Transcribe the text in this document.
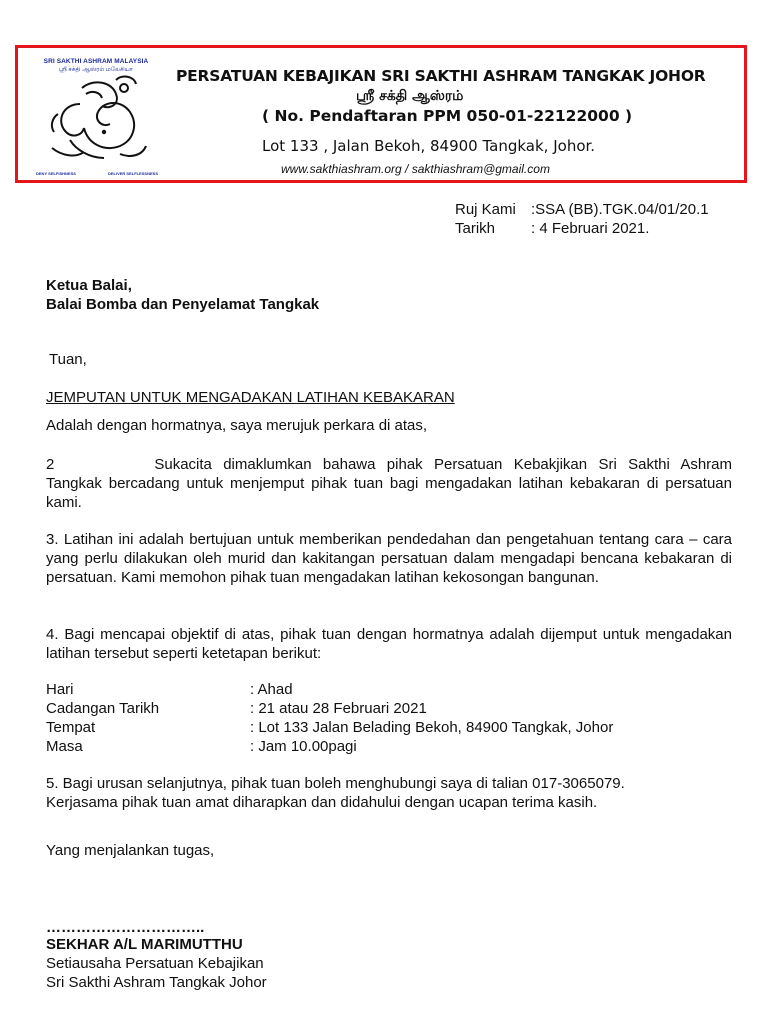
SRI SAKTHI ASHRAM MALAYSIA
ஸ்ரீ சக்தி ஆஸ்ரம் மலேசியா
DENY SELFISHNESS	DELIVER SELFLESSNESS
PERSATUAN KEBAJIKAN SRI SAKTHI ASHRAM TANGKAK JOHOR
ஸ்ரீ சக்தி ஆஸ்ரம்
( No. Pendaftaran PPM 050-01-22122000 )
Lot 133 , Jalan Bekoh, 84900 Tangkak, Johor.
www.sakthiashram.org / sakthiashram@gmail.com
Ruj Kami :SSA (BB).TGK.04/01/20.1
Tarikh : 4 Februari 2021.
Ketua Balai,
Balai Bomba dan Penyelamat Tangkak
Tuan,
JEMPUTAN UNTUK MENGADAKAN LATIHAN KEBAKARAN
Adalah dengan hormatnya, saya merujuk perkara di atas,
2	Sukacita dimaklumkan bahawa pihak Persatuan Kebakjikan Sri Sakthi Ashram Tangkak bercadang untuk menjemput pihak tuan bagi mengadakan latihan kebakaran di persatuan kami.
3. Latihan ini adalah bertujuan untuk memberikan pendedahan dan pengetahuan tentang cara – cara yang perlu dilakukan oleh murid dan kakitangan persatuan dalam mengadapi bencana kebakaran di persatuan. Kami memohon pihak tuan mengadakan latihan kekosongan bangunan.
4. Bagi mencapai objektif di atas, pihak tuan dengan hormatnya adalah dijemput untuk mengadakan latihan tersebut seperti ketetapan berikut:
Hari	: Ahad
Cadangan Tarikh	: 21 atau 28 Februari 2021
Tempat	: Lot 133 Jalan Belading Bekoh, 84900 Tangkak, Johor
Masa	: Jam 10.00pagi
5. Bagi urusan selanjutnya, pihak tuan boleh menghubungi saya di talian 017-3065079.
Kerjasama pihak tuan amat diharapkan dan didahului dengan ucapan terima kasih.
Yang menjalankan tugas,
…………………………..
SEKHAR A/L MARIMUTTHU
Setiausaha Persatuan Kebajikan
Sri Sakthi Ashram Tangkak Johor
